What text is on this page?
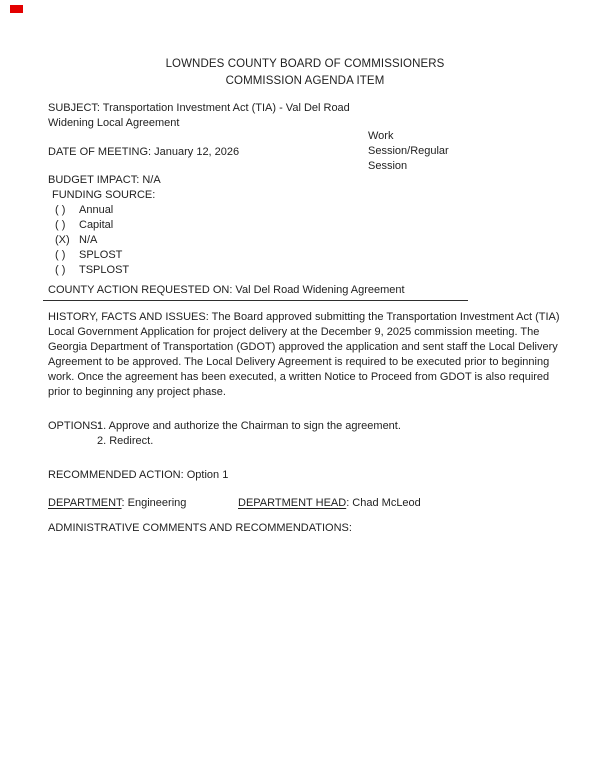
LOWNDES COUNTY BOARD OF COMMISSIONERS
COMMISSION AGENDA ITEM
SUBJECT: Transportation Investment Act (TIA) - Val Del Road
Widening Local Agreement
Work
Session/Regular
Session
DATE OF MEETING: January 12, 2026
BUDGET IMPACT: N/A
FUNDING SOURCE:
( )	Annual
( )	Capital
(X) N/A
( )	SPLOST
( )	TSPLOST
COUNTY ACTION REQUESTED ON: Val Del Road Widening Agreement
HISTORY, FACTS AND ISSUES: The Board approved submitting the Transportation Investment Act (TIA) Local Government Application for project delivery at the December 9, 2025 commission meeting. The Georgia Department of Transportation (GDOT) approved the application and sent staff the Local Delivery Agreement to be approved. The Local Delivery Agreement is required to be executed prior to beginning work. Once the agreement has been executed, a written Notice to Proceed from GDOT is also required prior to beginning any project phase.
OPTIONS:
1. Approve and authorize the Chairman to sign the agreement.
2. Redirect.
RECOMMENDED ACTION: Option 1
DEPARTMENT: Engineering	DEPARTMENT HEAD: Chad McLeod
ADMINISTRATIVE COMMENTS AND RECOMMENDATIONS:
